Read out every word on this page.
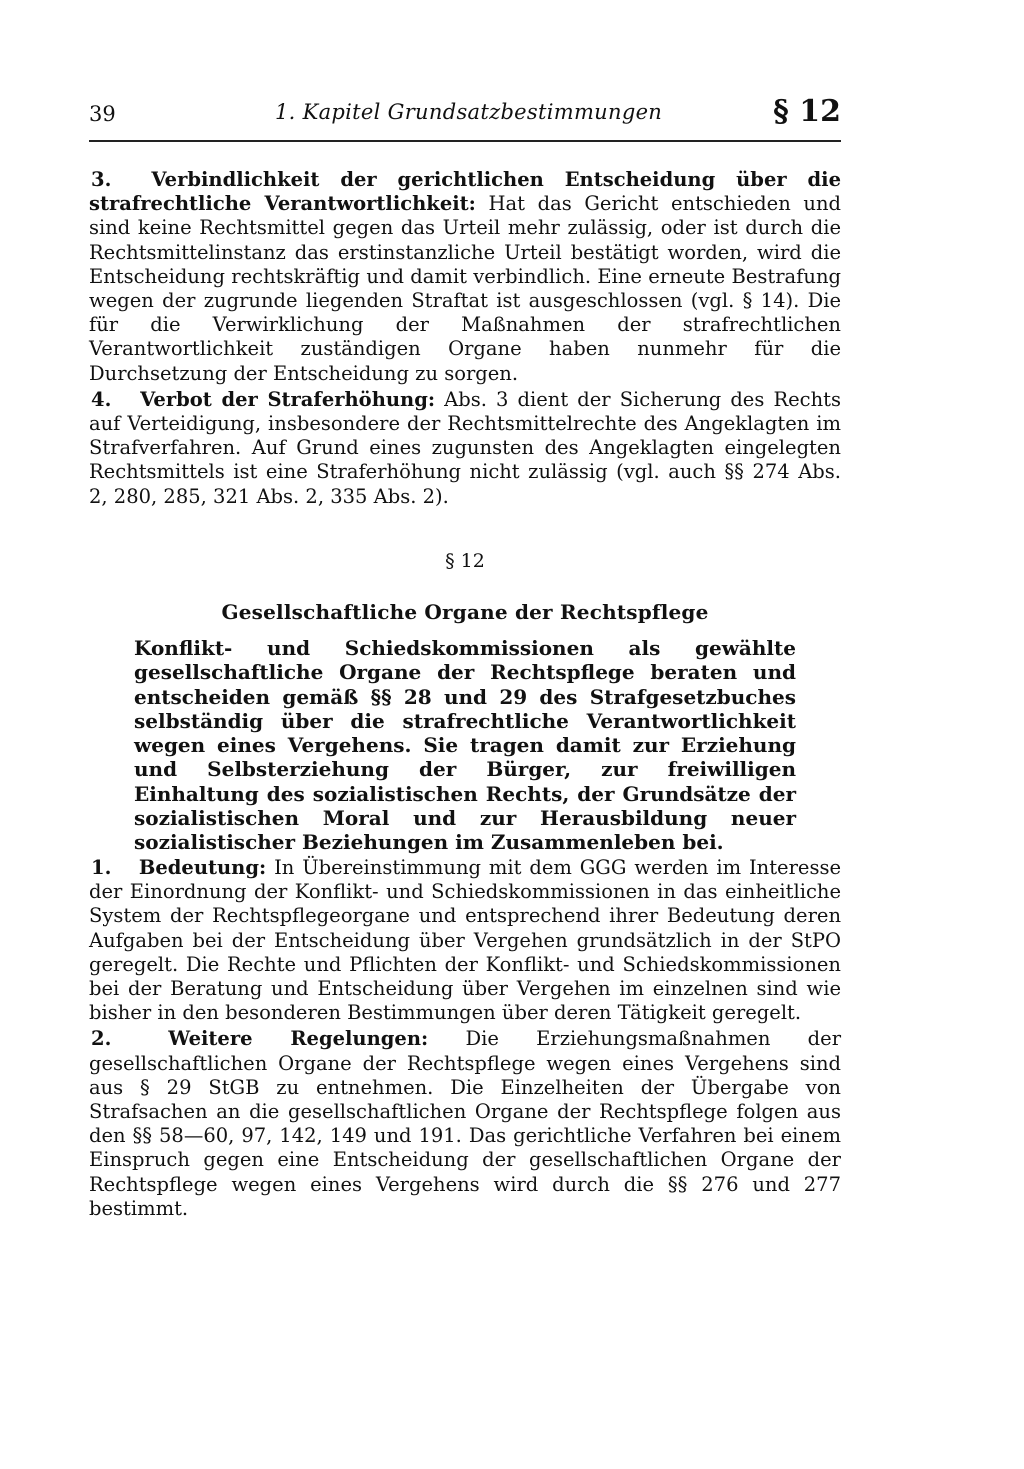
39	1. Kapitel Grundsatzbestimmungen	§ 12

3. Verbindlichkeit der gerichtlichen Entscheidung über die strafrechtliche Verantwortlichkeit: Hat das Gericht entschieden und sind keine Rechtsmittel gegen das Urteil mehr zulässig, oder ist durch die Rechtsmittelinstanz das erstinstanzliche Urteil bestätigt worden, wird die Entscheidung rechtskräftig und damit verbindlich. Eine erneute Bestrafung wegen der zugrunde liegenden Straftat ist ausgeschlossen (vgl. § 14). Die für die Verwirklichung der Maßnahmen der strafrechtlichen Verantwortlichkeit zuständigen Organe haben nunmehr für die Durchsetzung der Entscheidung zu sorgen.

4. Verbot der Straferhöhung: Abs. 3 dient der Sicherung des Rechts auf Verteidigung, insbesondere der Rechtsmittelrechte des Angeklagten im Strafverfahren. Auf Grund eines zugunsten des Angeklagten eingelegten Rechtsmittels ist eine Straferhöhung nicht zulässig (vgl. auch §§ 274 Abs. 2, 280, 285, 321 Abs. 2, 335 Abs. 2).

§ 12
Gesellschaftliche Organe der Rechtspflege
Konflikt- und Schiedskommissionen als gewählte gesellschaftliche Organe der Rechtspflege beraten und entscheiden gemäß §§ 28 und 29 des Strafgesetzbuches selbständig über die strafrechtliche Verantwortlichkeit wegen eines Vergehens. Sie tragen damit zur Erziehung und Selbsterziehung der Bürger, zur freiwilligen Einhaltung des sozialistischen Rechts, der Grundsätze der sozialistischen Moral und zur Herausbildung neuer sozialistischer Beziehungen im Zusammenleben bei.

1. Bedeutung: In Übereinstimmung mit dem GGG werden im Interesse der Einordnung der Konflikt- und Schiedskommissionen in das einheitliche System der Rechtspflegeorgane und entsprechend ihrer Bedeutung deren Aufgaben bei der Entscheidung über Vergehen grundsätzlich in der StPO geregelt. Die Rechte und Pflichten der Konflikt- und Schiedskommissionen bei der Beratung und Entscheidung über Vergehen im einzelnen sind wie bisher in den besonderen Bestimmungen über deren Tätigkeit geregelt.

2.	Weitere Regelungen: Die Erziehungsmaßnahmen der gesellschaftlichen Organe der Rechtspflege wegen eines Vergehens sind aus § 29 StGB zu entnehmen. Die Einzelheiten der Übergabe von Strafsachen an die gesellschaftlichen Organe der Rechtspflege folgen aus den §§ 58—60, 97, 142, 149 und 191. Das gerichtliche Verfahren bei einem Einspruch gegen eine Entscheidung der gesellschaftlichen Organe der Rechtspflege wegen eines Vergehens wird durch die §§ 276 und 277 bestimmt.
